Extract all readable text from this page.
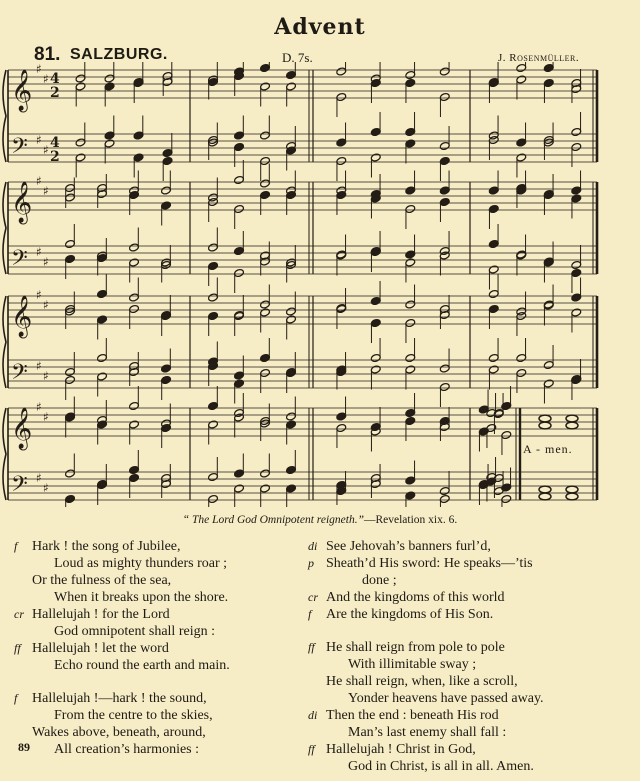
Advent
81. SALZBURG.	D. 7s.	J. Rosenmüller.
𝄞
♯
♯ 4
2
𝄢 ♯
♯ 4
2
𝄞
♯
♯
𝄢 ♯
♯
𝄞
♯
♯
𝄢 ♯
♯
𝄞
♯
♯
𝄢 ♯
♯
A - men.
“ The Lord God Omnipotent reigneth.”—Revelation xix. 6.
f Hark ! the song of Jubilee,
Loud as mighty thunders roar ;
Or the fulness of the sea,
When it breaks upon the shore.
cr Hallelujah ! for the Lord
God omnipotent shall reign :
ff Hallelujah ! let the word
Echo round the earth and main.
f Hallelujah !—hark ! the sound,
From the centre to the skies,
Wakes above, beneath, around,
All creation’s harmonies :
di See Jehovah’s banners furl’d,
p Sheath’d His sword: He speaks—’tis
done ;
cr And the kingdoms of this world
f Are the kingdoms of His Son.
ff He shall reign from pole to pole
With illimitable sway ;
He shall reign, when, like a scroll,
Yonder heavens have passed away.
di Then the end : beneath His rod
Man’s last enemy shall fall :
ff Hallelujah ! Christ in God,
God in Christ, is all in all. Amen.
89
